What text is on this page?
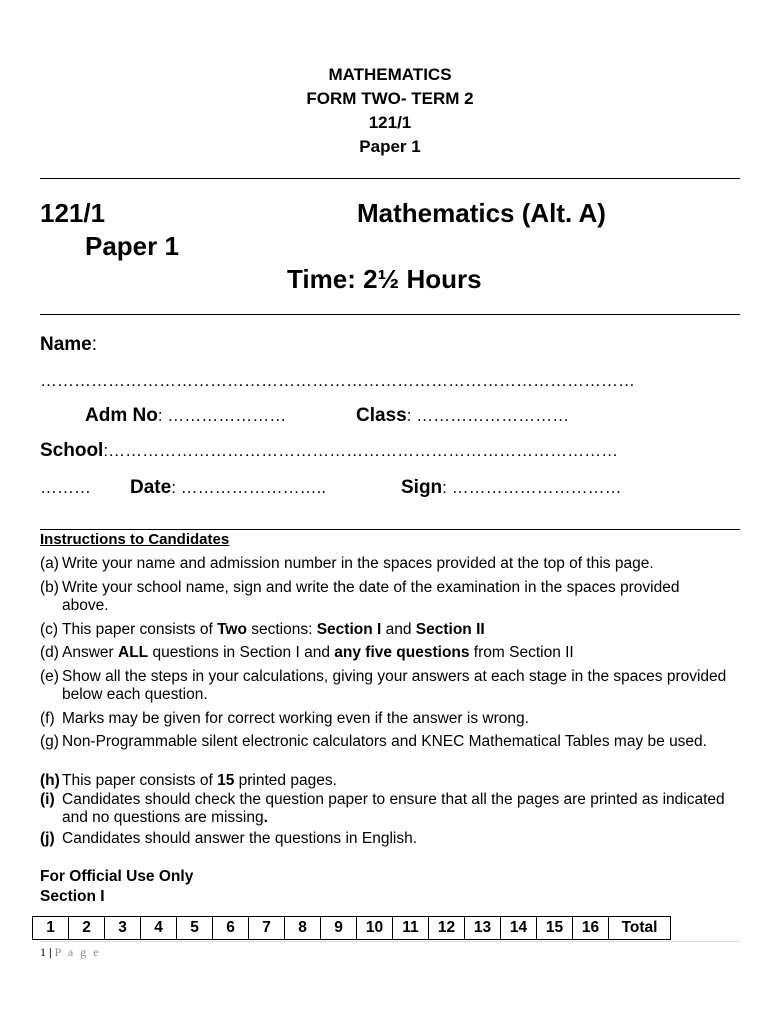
MATHEMATICS
FORM TWO- TERM 2
121/1
Paper 1
121/1	Mathematics (Alt. A)
Paper 1
Time: 2½ Hours
Name:
……………………………………………………………………………………………
Adm No: …………………	Class: ………………………
School:………………………………………………………………………………
……… Date: ……………………..	Sign: …………………………
Instructions to Candidates
(a) Write your name and admission number in the spaces provided at the top of this page.
(b) Write your school name, sign and write the date of the examination in the spaces provided above.
(c) This paper consists of Two sections: Section I and Section II
(d) Answer ALL questions in Section I and any five questions from Section II
(e) Show all the steps in your calculations, giving your answers at each stage in the spaces provided below each question.
(f) Marks may be given for correct working even if the answer is wrong.
(g) Non-Programmable silent electronic calculators and KNEC Mathematical Tables may be used.
(h) This paper consists of 15 printed pages.
(i) Candidates should check the question paper to ensure that all the pages are printed as indicated and no questions are missing.
(j) Candidates should answer the questions in English.
For Official Use Only
Section I
1	2	3	4	5	6	7	8	9	10	11	12	13	14	15	16	Total
1 | P a g e
